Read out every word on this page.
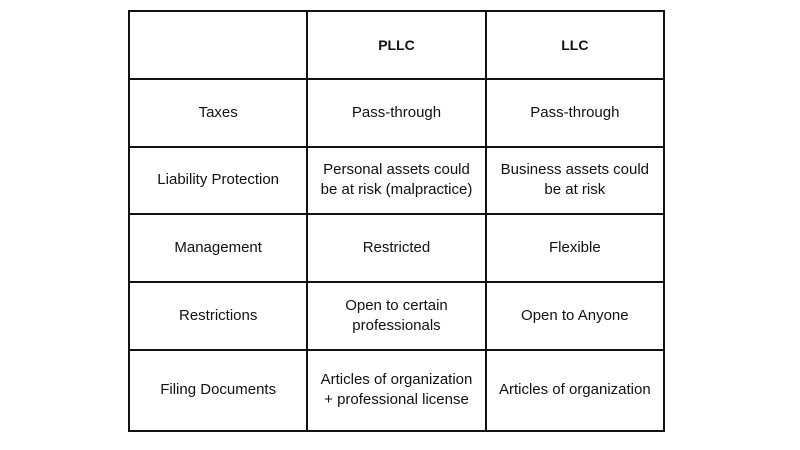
	PLLC	LLC
Taxes	Pass-through	Pass-through
Liability Protection	Personal assets could be at risk (malpractice)	Business assets could be at risk
Management	Restricted	Flexible
Restrictions	Open to certain professionals	Open to Anyone
Filing Documents	Articles of organization + professional license	Articles of organization
